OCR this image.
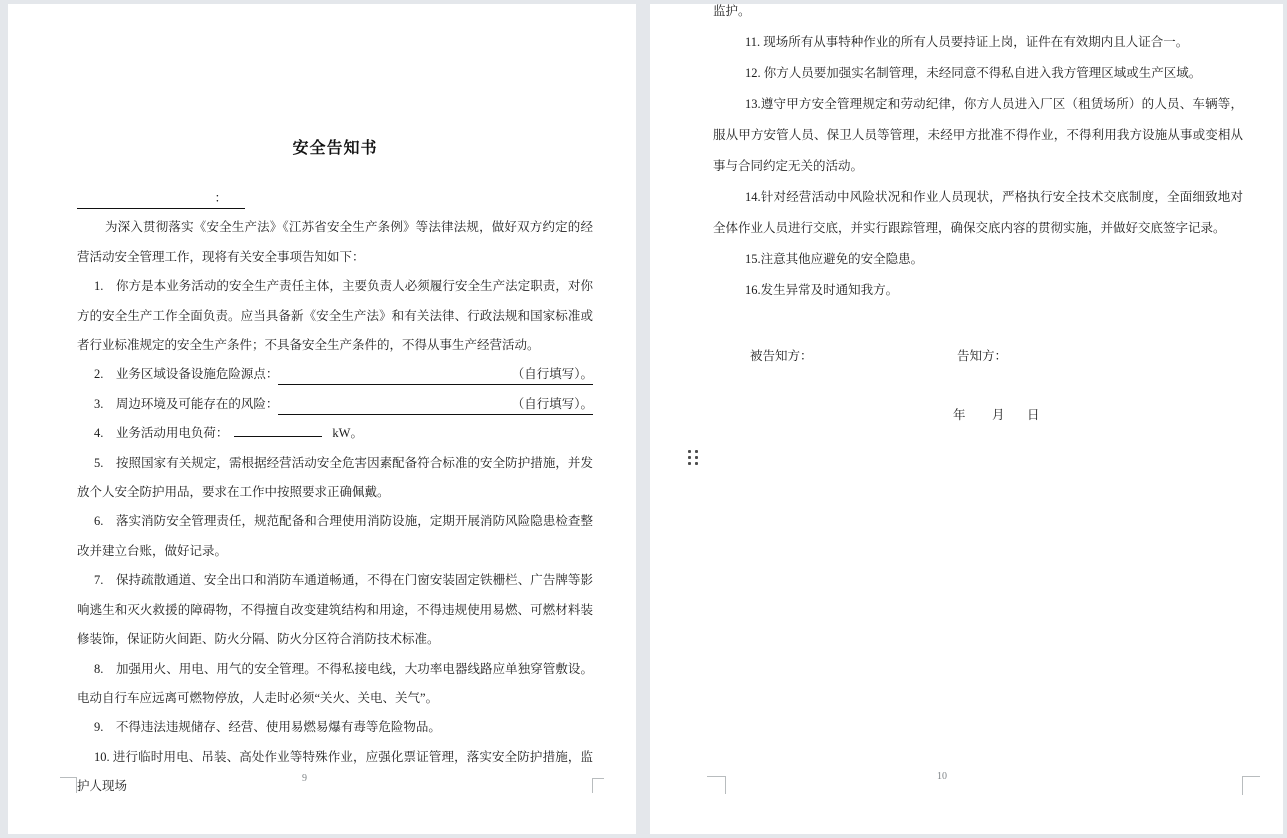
安全告知书

：

为深入贯彻落实《安全生产法》《江苏省安全生产条例》等法律法规，做好双方约定的经营活动安全管理工作，现将有关安全事项告知如下：

1.　你方是本业务活动的安全生产责任主体，主要负责人必须履行安全生产法定职责，对你方的安全生产工作全面负责。应当具备新《安全生产法》和有关法律、行政法规和国家标准或者行业标准规定的安全生产条件；不具备安全生产条件的，不得从事生产经营活动。

2.　业务区域设备设施危险源点：	（自行填写）。

3.　周边环境及可能存在的风险：	（自行填写）。

4.　业务活动用电负荷：	kW。

5.　按照国家有关规定，需根据经营活动安全危害因素配备符合标准的安全防护措施，并发放个人安全防护用品，要求在工作中按照要求正确佩戴。

6.　落实消防安全管理责任，规范配备和合理使用消防设施，定期开展消防风险隐患检查整改并建立台账，做好记录。

7.　保持疏散通道、安全出口和消防车通道畅通，不得在门窗安装固定铁栅栏、广告牌等影响逃生和灭火救援的障碍物，不得擅自改变建筑结构和用途，不得违规使用易燃、可燃材料装修装饰，保证防火间距、防火分隔、防火分区符合消防技术标准。

8.　加强用火、用电、用气的安全管理。不得私接电线，大功率电器线路应单独穿管敷设。电动自行车应远离可燃物停放，人走时必须“关火、关电、关气”。

9.　不得违法违规储存、经营、使用易燃易爆有毒等危险物品。

10. 进行临时用电、吊装、高处作业等特殊作业，应强化票证管理，落实安全防护措施，监护人现场

9

监护。

11. 现场所有从事特种作业的所有人员要持证上岗，证件在有效期内且人证合一。

12. 你方人员要加强实名制管理，未经同意不得私自进入我方管理区域或生产区域。

13.遵守甲方安全管理规定和劳动纪律，你方人员进入厂区（租赁场所）的人员、车辆等，服从甲方安管人员、保卫人员等管理，未经甲方批准不得作业，不得利用我方设施从事或变相从事与合同约定无关的活动。

14.针对经营活动中风险状况和作业人员现状，严格执行安全技术交底制度，全面细致地对全体作业人员进行交底，并实行跟踪管理，确保交底内容的贯彻实施，并做好交底签字记录。

15.注意其他应避免的安全隐患。

16.发生异常及时通知我方。

被告知方：	告知方：
年 月 日
10
